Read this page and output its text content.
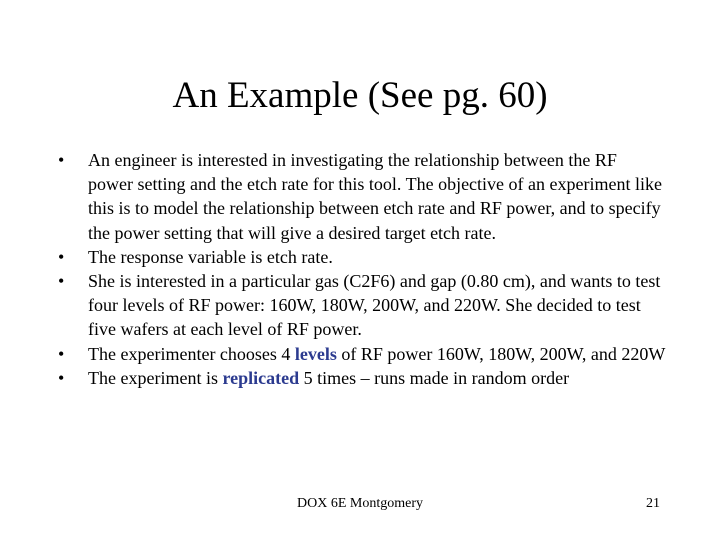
An Example (See pg. 60)
• An engineer is interested in investigating the relationship between the RF power setting and the etch rate for this tool. The objective of an experiment like this is to model the relationship between etch rate and RF power, and to specify the power setting that will give a desired target etch rate.
• The response variable is etch rate.
• She is interested in a particular gas (C2F6) and gap (0.80 cm), and wants to test four levels of RF power: 160W, 180W, 200W, and 220W. She decided to test five wafers at each level of RF power.
• The experimenter chooses 4 levels of RF power 160W, 180W, 200W, and 220W
• The experiment is replicated 5 times – runs made in random order
DOX 6E Montgomery	21
